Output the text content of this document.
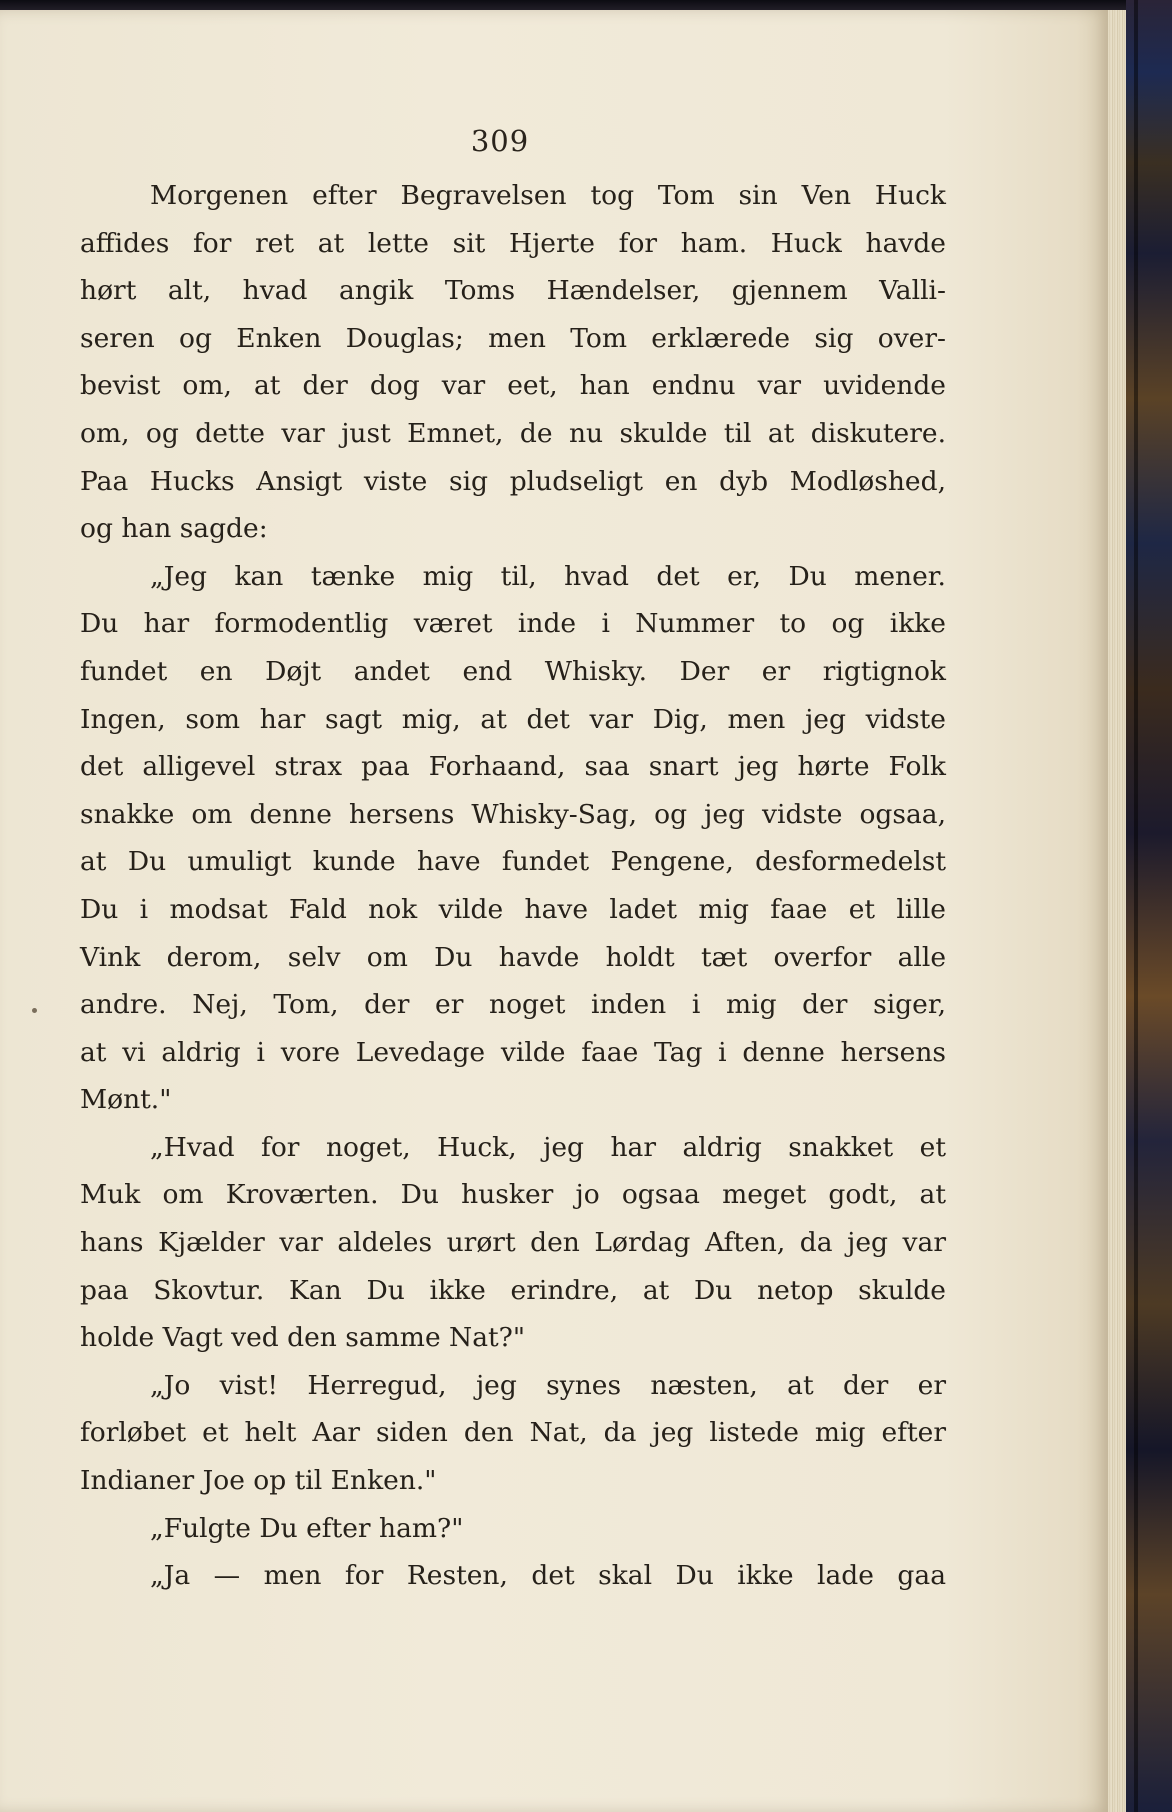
309
Morgenen efter Begravelsen tog Tom sin Ven Huck
affides for ret at lette sit Hjerte for ham. Huck havde
hørt alt, hvad angik Toms Hændelser, gjennem Valli-
seren og Enken Douglas; men Tom erklærede sig over-
bevist om, at der dog var eet, han endnu var uvidende
om, og dette var just Emnet, de nu skulde til at diskutere.
Paa Hucks Ansigt viste sig pludseligt en dyb Modløshed,
og han sagde:
„Jeg kan tænke mig til, hvad det er, Du mener.
Du har formodentlig været inde i Nummer to og ikke
fundet en Døjt andet end Whisky. Der er rigtignok
Ingen, som har sagt mig, at det var Dig, men jeg vidste
det alligevel strax paa Forhaand, saa snart jeg hørte Folk
snakke om denne hersens Whisky-Sag, og jeg vidste ogsaa,
at Du umuligt kunde have fundet Pengene, desformedelst
Du i modsat Fald nok vilde have ladet mig faae et lille
Vink derom, selv om Du havde holdt tæt overfor alle
andre. Nej, Tom, der er noget inden i mig der siger,
at vi aldrig i vore Levedage vilde faae Tag i denne hersens
Mønt."
„Hvad for noget, Huck, jeg har aldrig snakket et
Muk om Kroværten. Du husker jo ogsaa meget godt, at
hans Kjælder var aldeles urørt den Lørdag Aften, da jeg var
paa Skovtur. Kan Du ikke erindre, at Du netop skulde
holde Vagt ved den samme Nat?"
„Jo vist! Herregud, jeg synes næsten, at der er
forløbet et helt Aar siden den Nat, da jeg listede mig efter
Indianer Joe op til Enken."
„Fulgte Du efter ham?"
„Ja — men for Resten, det skal Du ikke lade gaa
